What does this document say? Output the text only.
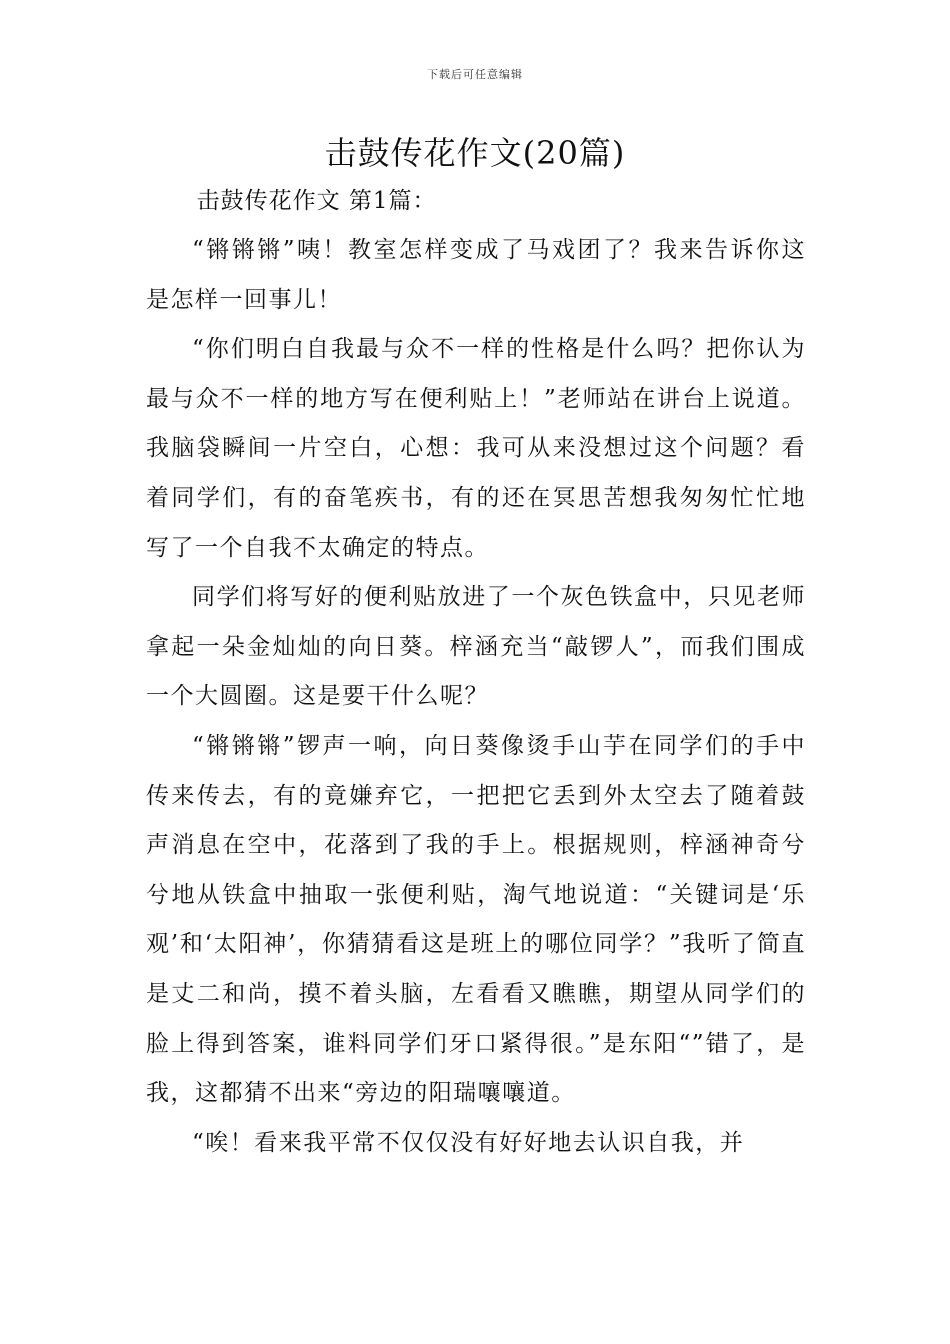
下载后可任意编辑
击鼓传花作文(20篇)

击鼓传花作文 第1篇：

“锵锵锵”咦！教室怎样变成了马戏团了？我来告诉你这是怎样一回事儿！

“你们明白自我最与众不一样的性格是什么吗？把你认为最与众不一样的地方写在便利贴上！”老师站在讲台上说道。我脑袋瞬间一片空白，心想：我可从来没想过这个问题？看着同学们，有的奋笔疾书，有的还在冥思苦想我匆匆忙忙地写了一个自我不太确定的特点。

同学们将写好的便利贴放进了一个灰色铁盒中，只见老师拿起一朵金灿灿的向日葵。梓涵充当“敲锣人”，而我们围成一个大圆圈。这是要干什么呢？

“锵锵锵”锣声一响，向日葵像烫手山芋在同学们的手中传来传去，有的竟嫌弃它，一把把它丢到外太空去了随着鼓声消息在空中，花落到了我的手上。根据规则，梓涵神奇兮兮地从铁盒中抽取一张便利贴，淘气地说道：“关键词是‘乐观’和‘太阳神’，你猜猜看这是班上的哪位同学？”我听了简直是丈二和尚，摸不着头脑，左看看又瞧瞧，期望从同学们的脸上得到答案，谁料同学们牙口紧得很。”是东阳“”错了，是我，这都猜不出来“旁边的阳瑞嚷嚷道。

“唉！看来我平常不仅仅没有好好地去认识自我，并
